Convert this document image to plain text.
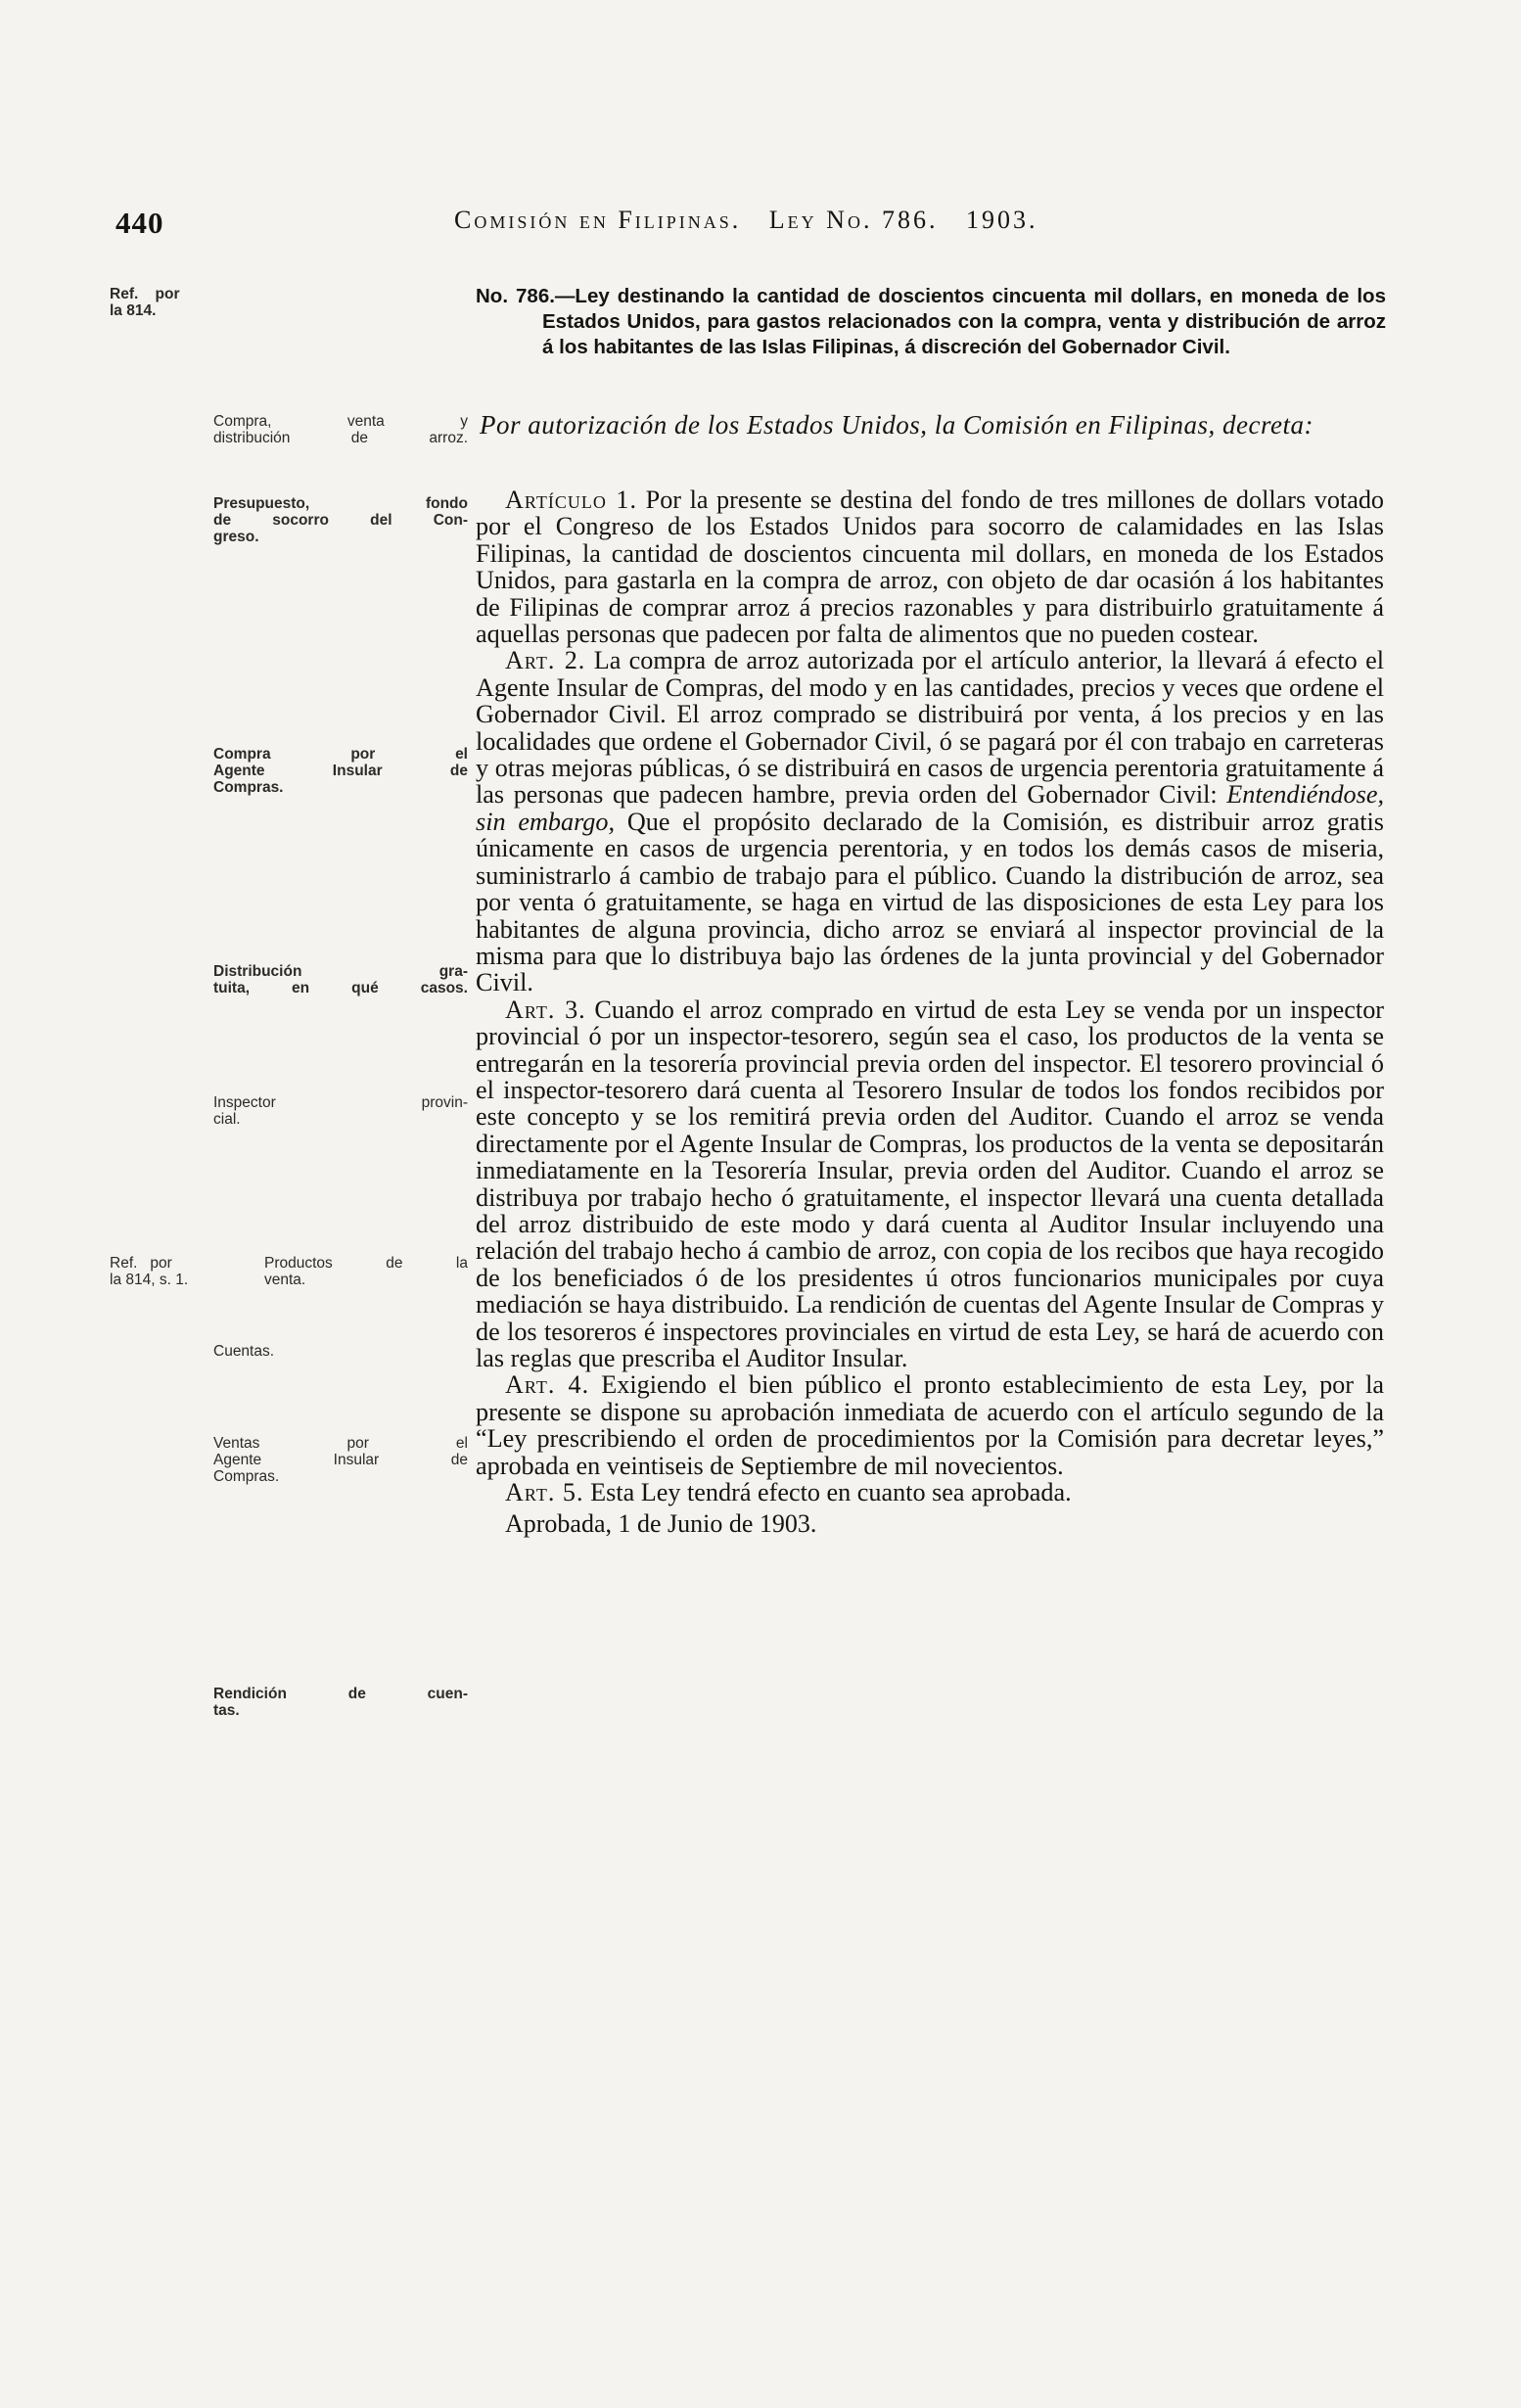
440	Comisión en Filipinas. Ley No. 786. 1903.
Ref. por
la 814.
Ref. por
la 814, s. 1.
Compra, venta y
distribución de arroz.
Presupuesto, fondo
de socorro del Con-
greso.
Compra por el
Agente Insular de
Compras.
Distribución gra-
tuita, en qué casos.
Inspector provin-
cial.
Productos de la
venta.
Cuentas.
Ventas por el
Agente Insular de
Compras.
Rendición de cuen-
tas.
No. 786.—Ley destinando la cantidad de doscientos cincuenta mil dollars, en moneda de los Estados Unidos, para gastos relacionados con la compra, venta y distribución de arroz á los habitantes de las Islas Filipinas, á discreción del Gobernador Civil.
Por autorización de los Estados Unidos, la Comisión en Filipinas, decreta:

Artículo 1. Por la presente se destina del fondo de tres millones de dollars votado por el Congreso de los Estados Unidos para socorro de calamidades en las Islas Filipinas, la cantidad de doscientos cincuenta mil dollars, en moneda de los Estados Unidos, para gastarla en la compra de arroz, con objeto de dar ocasión á los habitantes de Filipinas de comprar arroz á precios razonables y para distribuirlo gratuitamente á aquellas personas que padecen por falta de alimentos que no pueden costear.

Art. 2. La compra de arroz autorizada por el artículo anterior, la llevará á efecto el Agente Insular de Compras, del modo y en las cantidades, precios y veces que ordene el Gobernador Civil. El arroz comprado se distribuirá por venta, á los precios y en las localidades que ordene el Gobernador Civil, ó se pagará por él con trabajo en carreteras y otras mejoras públicas, ó se distribuirá en casos de urgencia perentoria gratuitamente á las personas que padecen hambre, previa orden del Gobernador Civil: Entendiéndose, sin embargo, Que el propósito declarado de la Comisión, es distribuir arroz gratis únicamente en casos de urgencia perentoria, y en todos los demás casos de miseria, suministrarlo á cambio de trabajo para el público. Cuando la distribución de arroz, sea por venta ó gratuitamente, se haga en virtud de las disposiciones de esta Ley para los habitantes de alguna provincia, dicho arroz se enviará al inspector provincial de la misma para que lo distribuya bajo las órdenes de la junta provincial y del Gobernador Civil.

Art. 3. Cuando el arroz comprado en virtud de esta Ley se venda por un inspector provincial ó por un inspector-tesorero, según sea el caso, los productos de la venta se entregarán en la tesorería provincial previa orden del inspector. El tesorero provincial ó el inspector-tesorero dará cuenta al Tesorero Insular de todos los fondos recibidos por este concepto y se los remitirá previa orden del Auditor. Cuando el arroz se venda directamente por el Agente Insular de Compras, los productos de la venta se depositarán inmediatamente en la Tesorería Insular, previa orden del Auditor. Cuando el arroz se distribuya por trabajo hecho ó gratuitamente, el inspector llevará una cuenta detallada del arroz distribuido de este modo y dará cuenta al Auditor Insular incluyendo una relación del trabajo hecho á cambio de arroz, con copia de los recibos que haya recogido de los beneficiados ó de los presidentes ú otros funcionarios municipales por cuya mediación se haya distribuido. La rendición de cuentas del Agente Insular de Compras y de los tesoreros é inspectores provinciales en virtud de esta Ley, se hará de acuerdo con las reglas que prescriba el Auditor Insular.

Art. 4. Exigiendo el bien público el pronto establecimiento de esta Ley, por la presente se dispone su aprobación inmediata de acuerdo con el artículo segundo de la “Ley prescribiendo el orden de procedimientos por la Comisión para decretar leyes,” aprobada en veintiseis de Septiembre de mil novecientos.

Art. 5. Esta Ley tendrá efecto en cuanto sea aprobada.

Aprobada, 1 de Junio de 1903.
